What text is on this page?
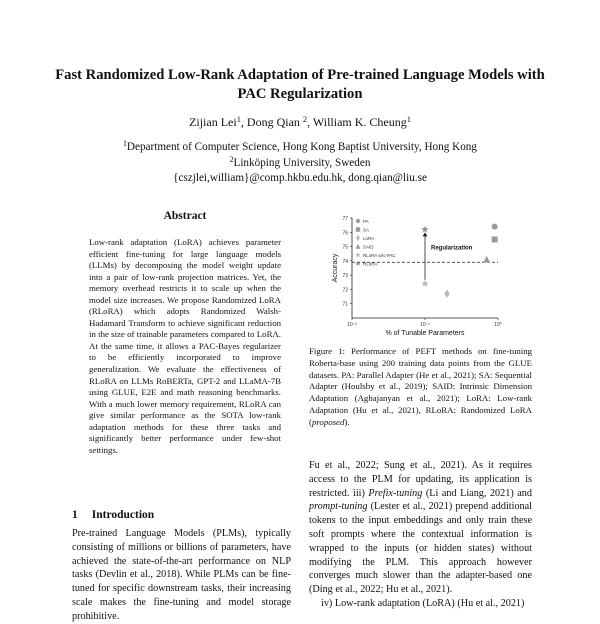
Fast Randomized Low-Rank Adaptation of Pre-trained Language Models with PAC Regularization
Zijian Lei$^1$, Dong Qian $^2$, William K. Cheung$^1$
$^1$Department of Computer Science, Hong Kong Baptist University, Hong Kong
$^2$Linköping University, Sweden
{cszjlei,william}@comp.hkbu.edu.hk, dong.qian@liu.se
Abstract

Low-rank adaptation (LoRA) achieves parameter efficient fine-tuning for large language models (LLMs) by decomposing the model weight update into a pair of low-rank projection matrices. Yet, the memory overhead restricts it to scale up when the model size increases. We propose Randomized LoRA (RLoRA) which adopts Randomized Walsh-Hadamard Transform to achieve significant reduction in the size of trainable parameters compared to LoRA. At the same time, it allows a PAC-Bayes regularizer to be efficiently incorporated to improve generalization. We evaluate the effectiveness of RLoRA on LLMs RoBERTa, GPT-2 and LLaMA-7B using GLUE, E2E and math reasoning benchmarks. With a much lower memory requirement, RLoRA can give similar performance as the SOTA low-rank adaptation methods for these three tasks and significantly better performance under few-shot settings.

1 Introduction

Pre-trained Language Models (PLMs), typically consisting of millions or billions of parameters, have achieved the state-of-the-art performance on NLP tasks (Devlin et al., 2018). While PLMs can be fine-tuned for specific downstream tasks, their increasing scale makes the fine-tuning and model storage prohibitive.

71
72
73
74
75
76
77
10⁻²	10⁻¹	10⁰
% of Tunable Parameters
Accuracy
Regularization
PA
SA
LoRA
SAID
RLoRA w/o PAC
RLoRA

Figure 1: Performance of PEFT methods on fine-tuning Roberta-base using 200 training data points from the GLUE datasets. PA: Parallel Adapter (He et al., 2021); SA: Sequential Adapter (Houlsby et al., 2019); SAID: Intrinsic Dimension Adaptation (Aghajanyan et al., 2021); LoRA: Low-rank Adaptation (Hu et al., 2021), RLoRA: Randomized LoRA (proposed).

Fu et al., 2022; Sung et al., 2021). As it requires access to the PLM for updating, its application is restricted. iii) Prefix-tuning (Li and Liang, 2021) and prompt-tuning (Lester et al., 2021) prepend additional tokens to the input embeddings and only train these soft prompts where the contextual information is wrapped to the inputs (or hidden states) without modifying the PLM. This approach however converges much slower than the adapter-based one (Ding et al., 2022; Hu et al., 2021).

iv) Low-rank adaptation (LoRA) (Hu et al., 2021)
